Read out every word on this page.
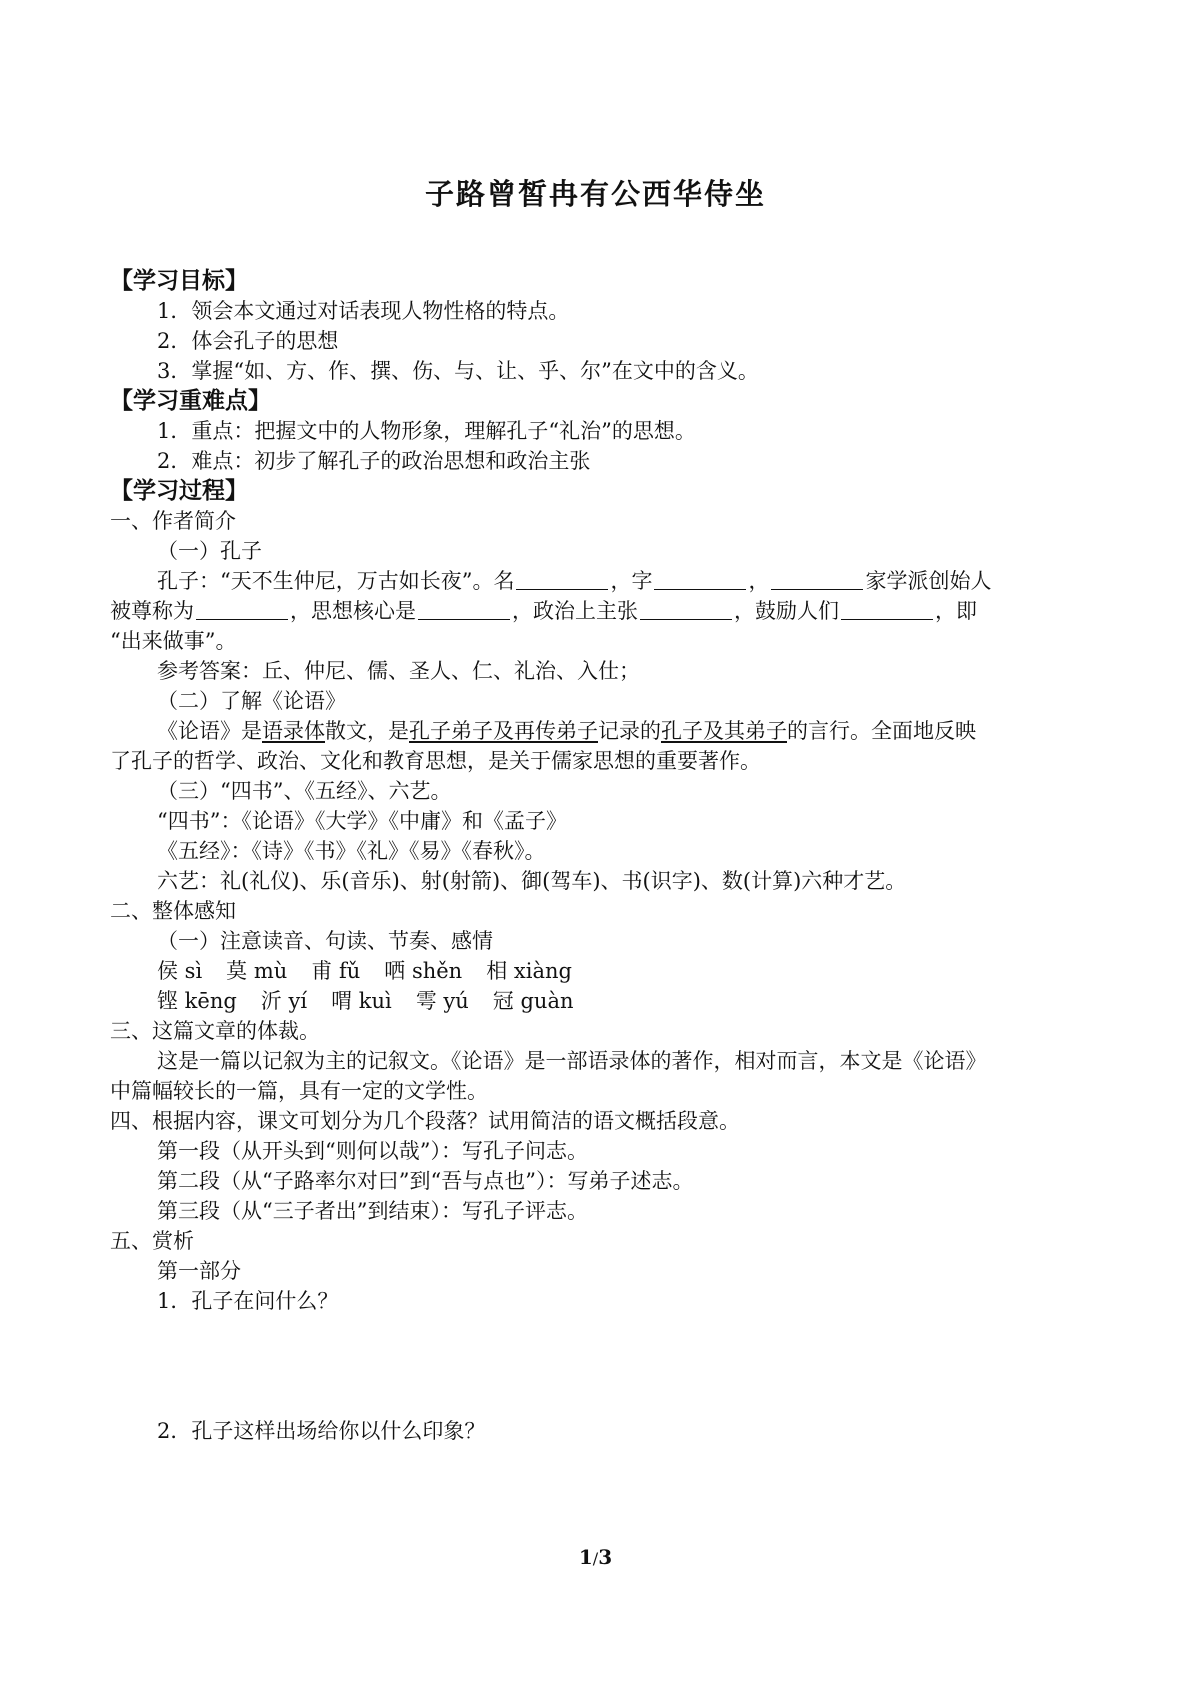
子路曾皙冉有公西华侍坐
【学习目标】
1．领会本文通过对话表现人物性格的特点。
2．体会孔子的思想
3．掌握“如、方、作、撰、伤、与、让、乎、尔”在文中的含义。
【学习重难点】
1．重点：把握文中的人物形象，理解孔子“礼治”的思想。
2．难点：初步了解孔子的政治思想和政治主张
【学习过程】
一、作者简介
（一）孔子
孔子：“天不生仲尼，万古如长夜”。名	，字	，	家学派创始人
被尊称为	，思想核心是	，政治上主张	，鼓励人们	，即
“出来做事”。
参考答案：丘、仲尼、儒、圣人、仁、礼治、入仕；
（二）了解《论语》
《论语》是语录体散文，是孔子弟子及再传弟子记录的孔子及其弟子的言行。全面地反映
了孔子的哲学、政治、文化和教育思想，是关于儒家思想的重要著作。
（三）“四书”、《五经》、六艺。
“四书”：《论语》《大学》《中庸》和《孟子》
《五经》：《诗》《书》《礼》《易》《春秋》。
六艺：礼(礼仪)、乐(音乐)、射(射箭)、御(驾车)、书(识字)、数(计算)六种才艺。
二、整体感知
（一）注意读音、句读、节奏、感情
侯 sì 莫 mù 甫 fǔ 哂 shěn 相 xiàng
铿 kēng 沂 yí 喟 kuì 雩 yú 冠 guàn
三、这篇文章的体裁。
这是一篇以记叙为主的记叙文。《论语》是一部语录体的著作，相对而言，本文是《论语》
中篇幅较长的一篇，具有一定的文学性。
四、根据内容，课文可划分为几个段落？试用简洁的语文概括段意。
第一段（从开头到“则何以哉”）：写孔子问志。
第二段（从“子路率尔对曰”到“吾与点也”）：写弟子述志。
第三段（从“三子者出”到结束）：写孔子评志。
五、赏析
第一部分
1．孔子在问什么？
2．孔子这样出场给你以什么印象？
1/3
